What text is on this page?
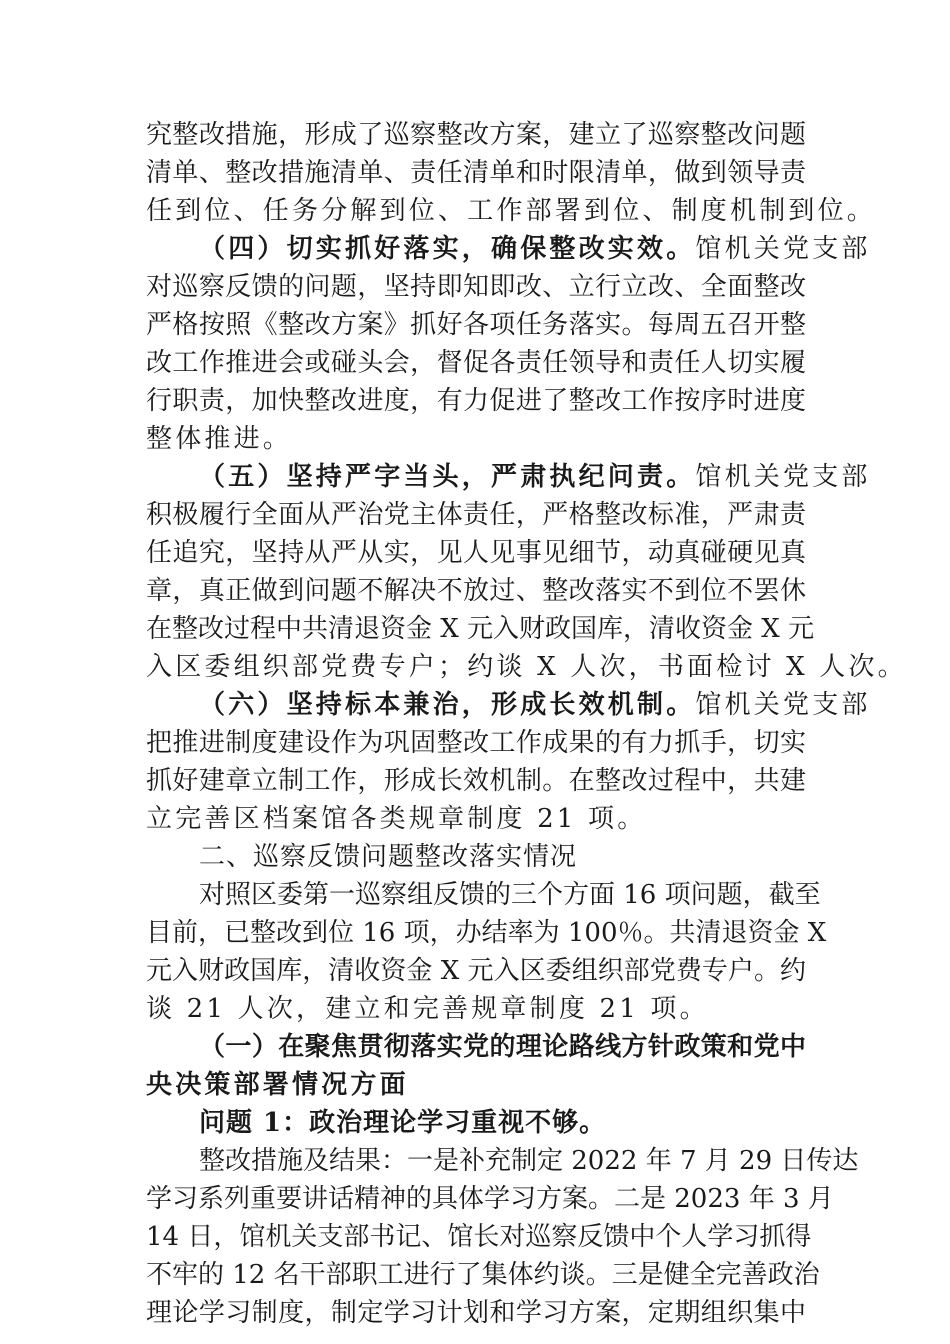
究整改措施，形成了巡察整改方案，建立了巡察整改问题
清单、整改措施清单、责任清单和时限清单，做到领导责
任到位、任务分解到位、工作部署到位、制度机制到位。
（四）切实抓好落实，确保整改实效。馆机关党支部
对巡察反馈的问题，坚持即知即改、立行立改、全面整改
严格按照《整改方案》抓好各项任务落实。每周五召开整
改工作推进会或碰头会，督促各责任领导和责任人切实履
行职责，加快整改进度，有力促进了整改工作按序时进度
整体推进。
（五）坚持严字当头，严肃执纪问责。馆机关党支部
积极履行全面从严治党主体责任，严格整改标准，严肃责
任追究，坚持从严从实，见人见事见细节，动真碰硬见真
章，真正做到问题不解决不放过、整改落实不到位不罢休
在整改过程中共清退资金 X 元入财政国库，清收资金 X 元
入区委组织部党费专户；约谈 X 人次，书面检讨 X 人次。
（六）坚持标本兼治，形成长效机制。馆机关党支部
把推进制度建设作为巩固整改工作成果的有力抓手，切实
抓好建章立制工作，形成长效机制。在整改过程中，共建
立完善区档案馆各类规章制度 21 项。
二、巡察反馈问题整改落实情况
对照区委第一巡察组反馈的三个方面 16 项问题，截至
目前，已整改到位 16 项，办结率为 100％。共清退资金 X
元入财政国库，清收资金 X 元入区委组织部党费专户。约
谈 21 人次，建立和完善规章制度 21 项。
（一）在聚焦贯彻落实党的理论路线方针政策和党中
央决策部署情况方面
问题 1：政治理论学习重视不够。
整改措施及结果：一是补充制定 2022 年 7 月 29 日传达
学习系列重要讲话精神的具体学习方案。二是 2023 年 3 月
14 日，馆机关支部书记、馆长对巡察反馈中个人学习抓得
不牢的 12 名干部职工进行了集体约谈。三是健全完善政治
理论学习制度，制定学习计划和学习方案，定期组织集中
